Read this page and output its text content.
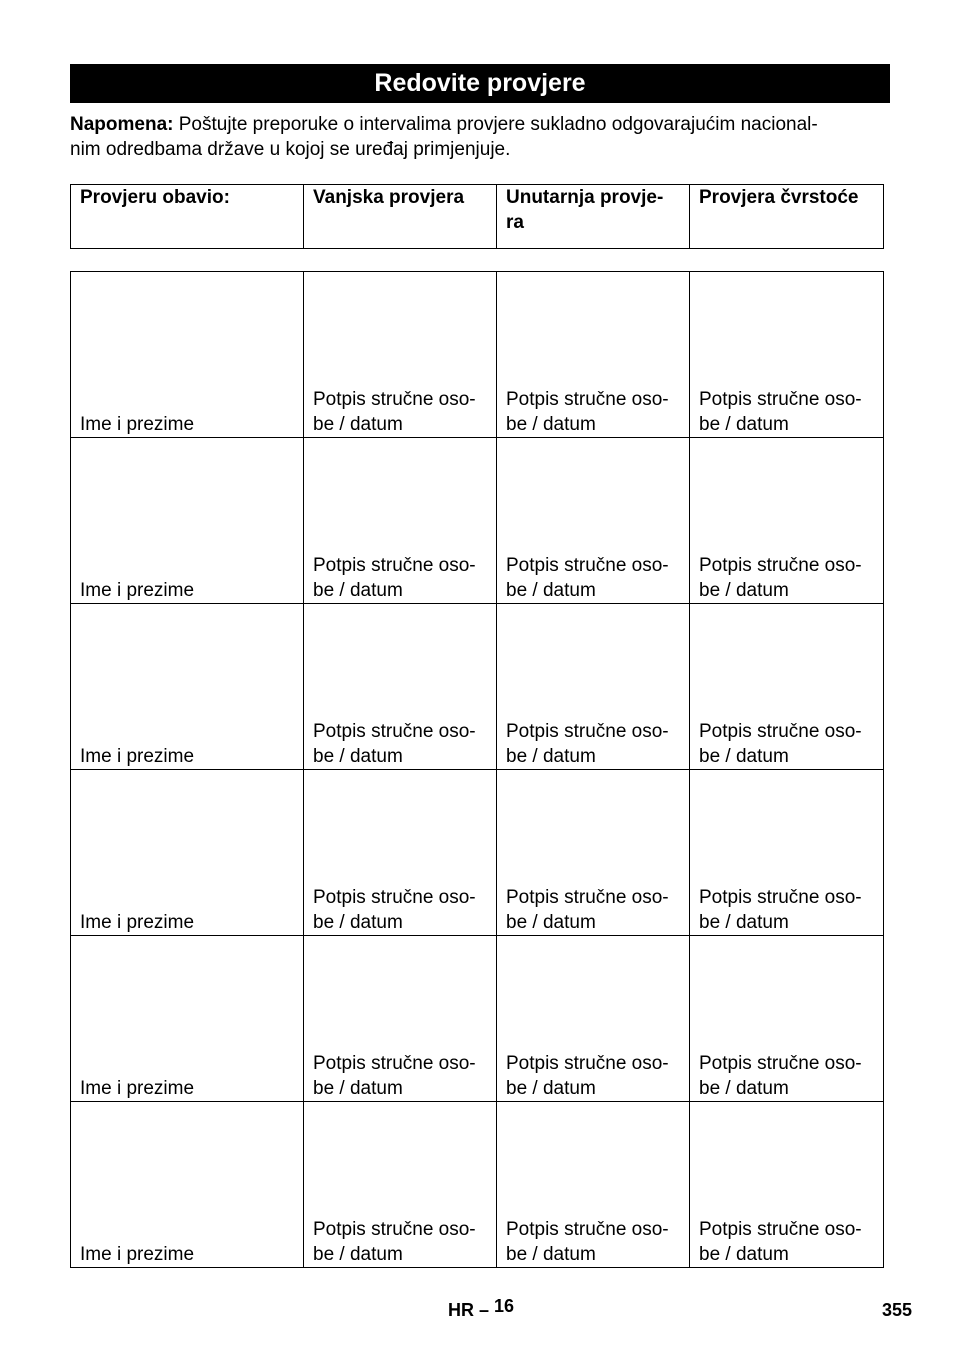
Redovite provjere
Napomena: Poštujte preporuke o intervalima provjere sukladno odgovarajućim nacional-
nim odredbama države u kojoj se uređaj primjenjuje.
Provjeru obavio:	Vanjska provjera	Unutarnja provje-
ra	Provjera čvrstoće
Ime i prezime	Potpis stručne oso-
be / datum	Potpis stručne oso-
be / datum	Potpis stručne oso-
be / datum
Ime i prezime	Potpis stručne oso-
be / datum	Potpis stručne oso-
be / datum	Potpis stručne oso-
be / datum
Ime i prezime	Potpis stručne oso-
be / datum	Potpis stručne oso-
be / datum	Potpis stručne oso-
be / datum
Ime i prezime	Potpis stručne oso-
be / datum	Potpis stručne oso-
be / datum	Potpis stručne oso-
be / datum
Ime i prezime	Potpis stručne oso-
be / datum	Potpis stručne oso-
be / datum	Potpis stručne oso-
be / datum
Ime i prezime	Potpis stručne oso-
be / datum	Potpis stručne oso-
be / datum	Potpis stručne oso-
be / datum
HR – 16	355
